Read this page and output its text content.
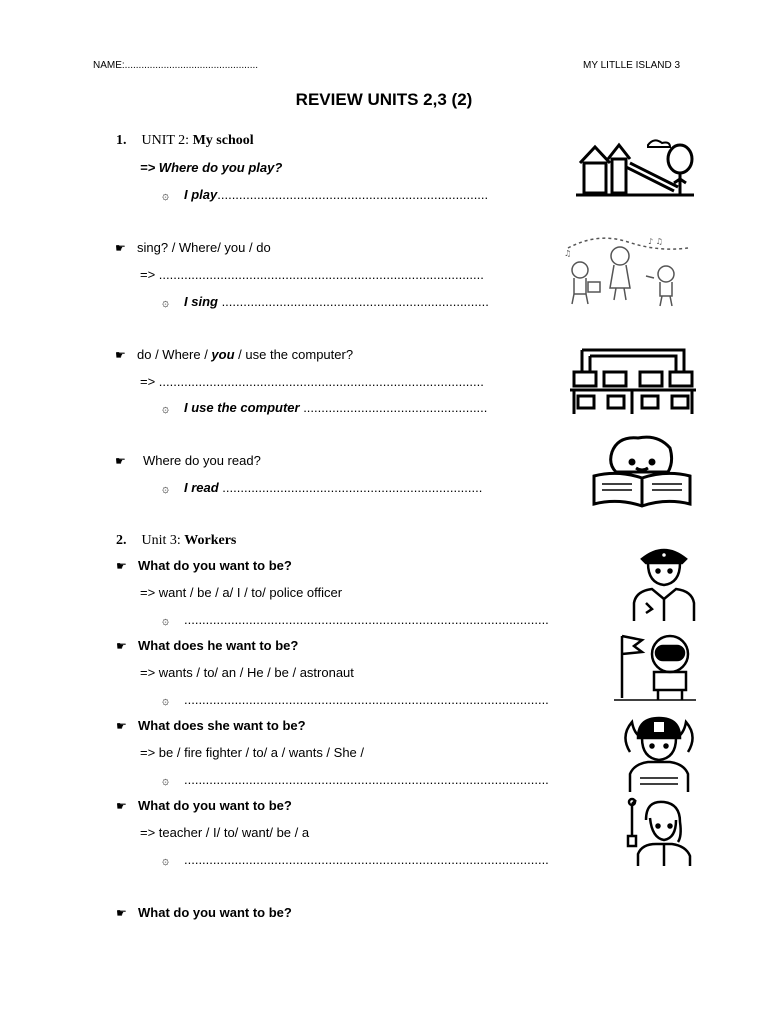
NAME:................................................	MY LITLLE ISLAND 3
REVIEW UNITS 2,3 (2)
1. UNIT 2: My school
=> Where do you play?
۞ I play...........................................................................
☛ sing? / Where/ you / do
=> ..........................................................................................
۞ I sing ..........................................................................
☛ do / Where / you / use the computer?
=> ..........................................................................................
۞ I use the computer ...................................................
☛ Where do you read?
۞ I read ........................................................................
2. Unit 3: Workers
☛ What do you want to be?
=> want / be / a/ I / to/ police officer
۞ .....................................................................................................
☛ What does he want to be?
=> wants / to/ an / He / be / astronaut
۞ .....................................................................................................
☛ What does she want to be?
=> be / fire fighter / to/ a / wants / She /
۞ .....................................................................................................
☛ What do you want to be?
=> teacher / I/ to/ want/ be / a
۞ .....................................................................................................
☛ What do you want to be?
♪ ♫
♫
